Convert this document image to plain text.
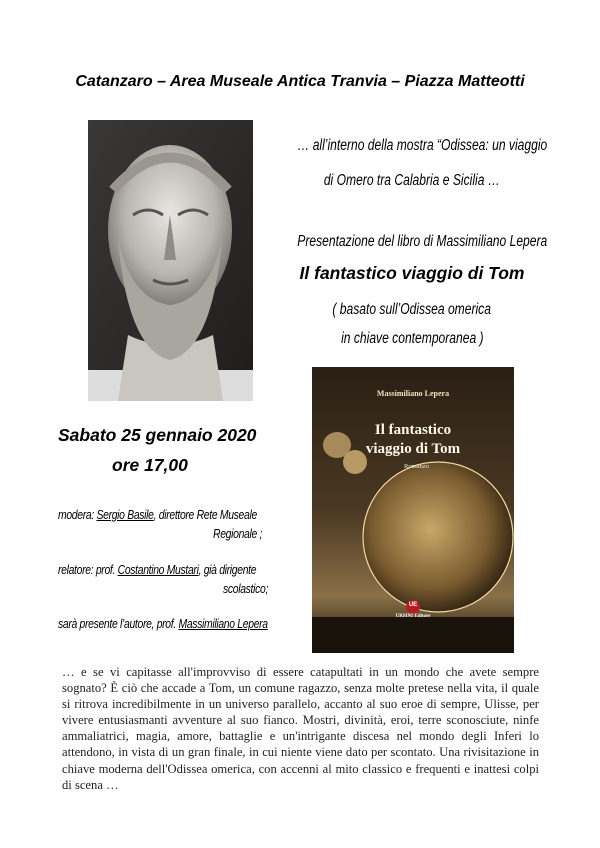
Catanzaro – Area Museale Antica Tranvia – Piazza Matteotti
… all’interno della mostra “Odissea: un viaggio
di Omero tra Calabria e Sicilia …
Presentazione del libro di Massimiliano Lepera
Il fantastico viaggio di Tom
( basato sull’Odissea omerica
in chiave contemporanea )
Sabato 25 gennaio 2020
ore 17,00
modera: Sergio Basile, direttore Rete Museale
Regionale ;
relatore: prof. Costantino Mustari, già dirigente
scolastico;
sarà presente l’autore, prof. Massimiliano Lepera
Massimiliano Lepera
Il fantastico
viaggio di Tom
Romanzo
UE
URSINI Editore
… e se vi capitasse all'improvviso di essere catapultati in un mondo che avete sempre sognato? È ciò che accade a Tom, un comune ragazzo, senza molte pretese nella vita, il quale si ritrova incredibilmente in un universo parallelo, accanto al suo eroe di sempre, Ulisse, per vivere entusiasmanti avventure al suo fianco. Mostri, divinità, eroi, terre sconosciute, ninfe ammaliatrici, magia, amore, battaglie e un'intrigante discesa nel mondo degli Inferi lo attendono, in vista di un gran finale, in cui niente viene dato per scontato. Una rivisitazione in chiave moderna dell'Odissea omerica, con accenni al mito classico e frequenti e inattesi colpi di scena …
